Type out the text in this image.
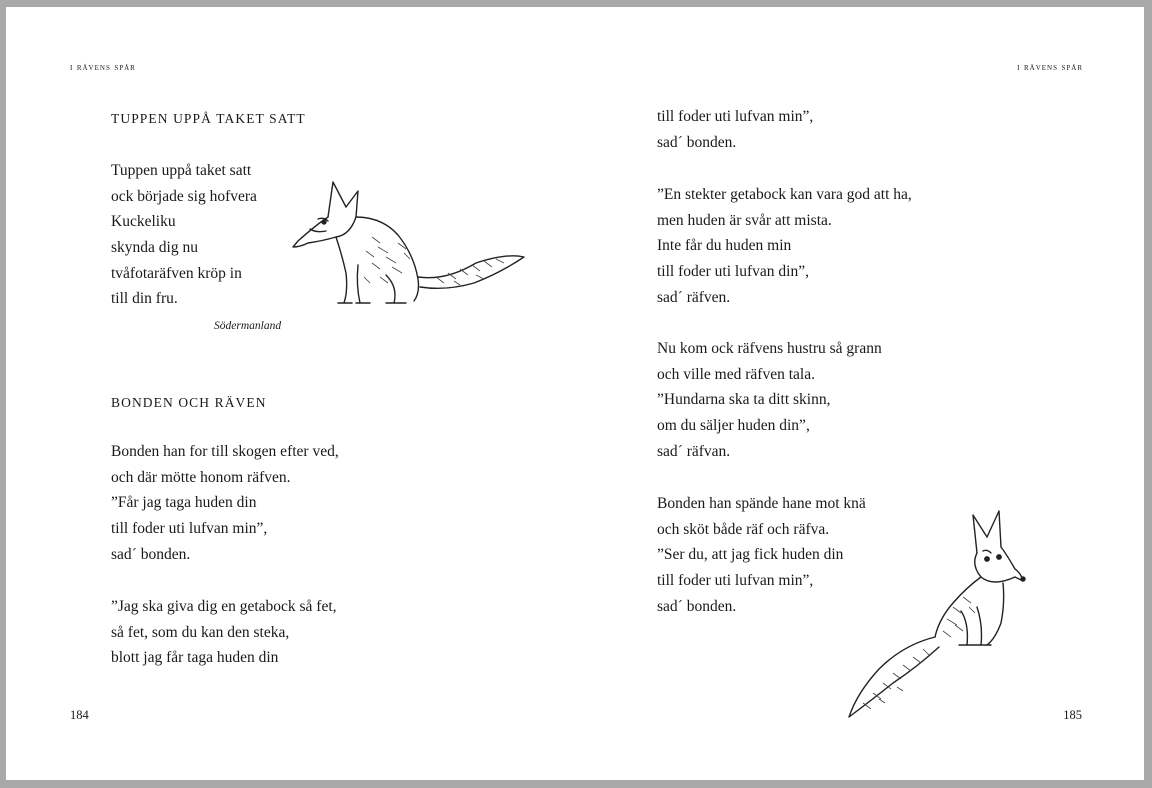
i rävens spår
TUPPEN UPPÅ TAKET SATT
Tuppen uppå taket satt
ock började sig hofvera
Kuckeliku
skynda dig nu
tvåfotaräfven kröp in
till din fru.
Södermanland
BONDEN OCH RÄVEN
Bonden han for till skogen efter ved,
och där mötte honom räfven.
”Får jag taga huden din
till foder uti lufvan min”,
sad´ bonden.
”Jag ska giva dig en getabock så fet,
så fet, som du kan den steka,
blott jag får taga huden din
184
i rävens spår
till foder uti lufvan min”,
sad´ bonden.
”En stekter getabock kan vara god att ha,
men huden är svår att mista.
Inte får du huden min
till foder uti lufvan din”,
sad´ räfven.
Nu kom ock räfvens hustru så grann
och ville med räfven tala.
”Hundarna ska ta ditt skinn,
om du säljer huden din”,
sad´ räfvan.
Bonden han spände hane mot knä
och sköt både räf och räfva.
”Ser du, att jag fick huden din
till foder uti lufvan min”,
sad´ bonden.
185
